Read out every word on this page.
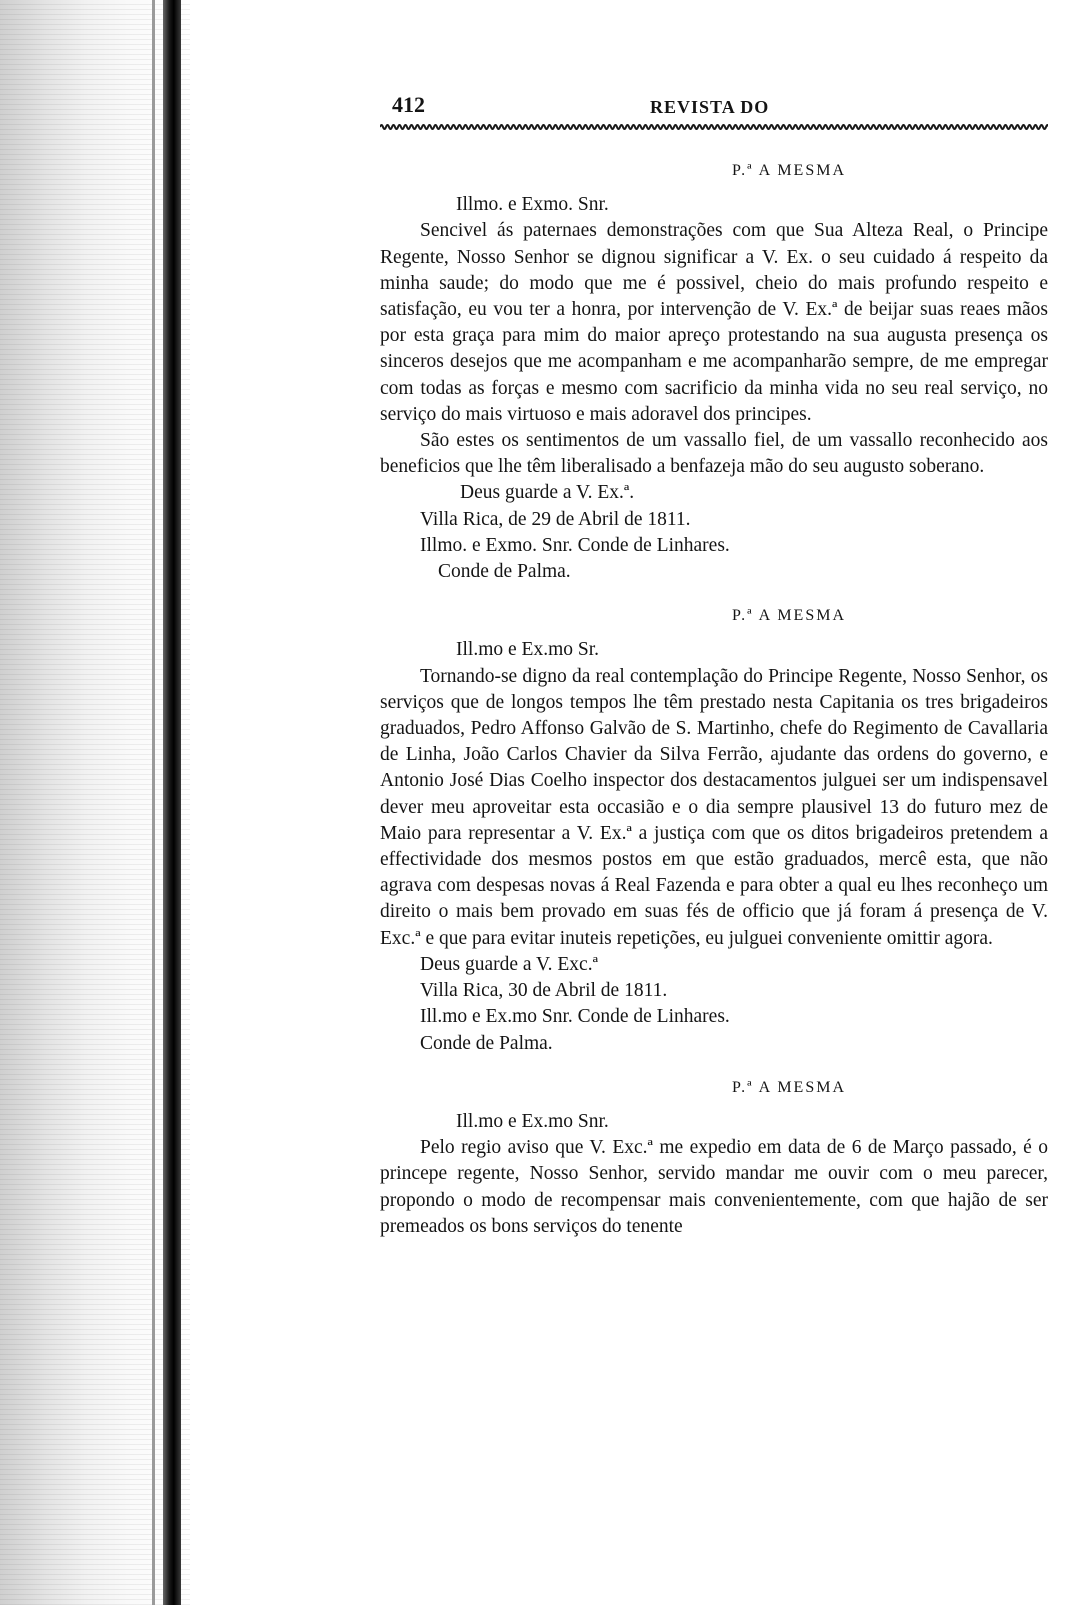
412	REVISTA DO
P.ª A MESMA

Illmo. e Exmo. Snr.

Sencivel ás paternaes demonstrações com que Sua Alteza Real, o Principe Regente, Nosso Senhor se dignou significar a V. Ex. o seu cuidado á respeito da minha saude; do modo que me é possivel, cheio do mais profundo respeito e satisfação, eu vou ter a honra, por intervenção de V. Ex.ª de beijar suas reaes mãos por esta graça para mim do maior apreço protestando na sua augusta presença os sinceros desejos que me acompanham e me acompanharão sempre, de me empregar com todas as forças e mesmo com sacrificio da minha vida no seu real serviço, no serviço do mais virtuoso e mais adoravel dos principes.

São estes os sentimentos de um vassallo fiel, de um vassallo reconhecido aos beneficios que lhe têm liberalisado a benfazeja mão do seu augusto soberano.

Deus guarde a V. Ex.ª.

Villa Rica, de 29 de Abril de 1811.

Illmo. e Exmo. Snr. Conde de Linhares.

Conde de Palma.

P.ª A MESMA

Ill.mo e Ex.mo Sr.

Tornando-se digno da real contemplação do Principe Regente, Nosso Senhor, os serviços que de longos tempos lhe têm prestado nesta Capitania os tres brigadeiros graduados, Pedro Affonso Galvão de S. Martinho, chefe do Regimento de Cavallaria de Linha, João Carlos Chavier da Silva Ferrão, ajudante das ordens do governo, e Antonio José Dias Coelho inspector dos destacamentos julguei ser um indispensavel dever meu aproveitar esta occasião e o dia sempre plausivel 13 do futuro mez de Maio para representar a V. Ex.ª a justiça com que os ditos brigadeiros pretendem a effectividade dos mesmos postos em que estão graduados, mercê esta, que não agrava com despesas novas á Real Fazenda e para obter a qual eu lhes reconheço um direito o mais bem provado em suas fés de officio que já foram á presença de V. Exc.ª e que para evitar inuteis repetições, eu julguei conveniente omittir agora.

Deus guarde a V. Exc.ª

Villa Rica, 30 de Abril de 1811.

Ill.mo e Ex.mo Snr. Conde de Linhares.

Conde de Palma.

P.ª A MESMA

Ill.mo e Ex.mo Snr.

Pelo regio aviso que V. Exc.ª me expedio em data de 6 de Março passado, é o princepe regente, Nosso Senhor, servido mandar me ouvir com o meu parecer, propondo o modo de recompensar mais convenientemente, com que hajão de ser premeados os bons serviços do tenente
